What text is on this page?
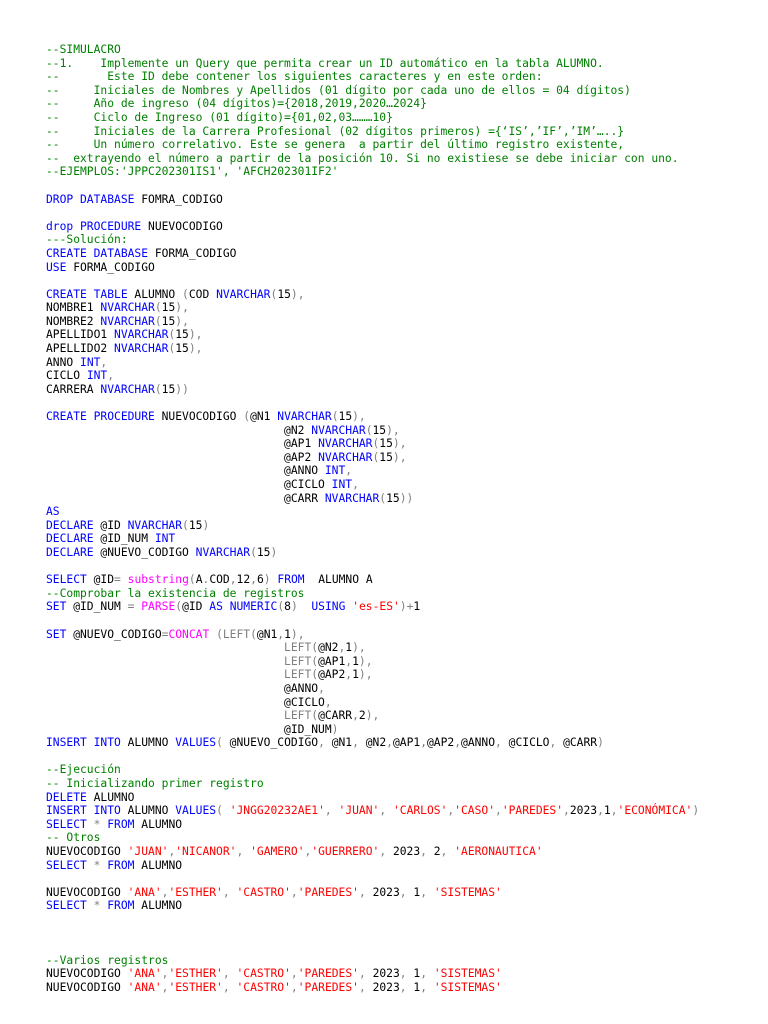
--SIMULACRO
--1.    Implemente un Query que permita crear un ID automático en la tabla ALUMNO.
--       Este ID debe contener los siguientes caracteres y en este orden:
--     Iniciales de Nombres y Apellidos (01 dígito por cada uno de ellos = 04 dígitos)
--     Año de ingreso (04 dígitos)={2018,2019,2020…2024}
--     Ciclo de Ingreso (01 dígito)={01,02,03………10}
--     Iniciales de la Carrera Profesional (02 dígitos primeros) ={‘IS’,’IF’,’IM’…..}
--     Un número correlativo. Este se genera  a partir del último registro existente,
--  extrayendo el número a partir de la posición 10. Si no existiese se debe iniciar con uno.
--EJEMPLOS:'JPPC202301IS1', 'AFCH202301IF2'
DROP DATABASE FOMRA_CODIGO
drop PROCEDURE NUEVOCODIGO
---Solución:
CREATE DATABASE FORMA_CODIGO
USE FORMA_CODIGO
CREATE TABLE ALUMNO (COD NVARCHAR(15),
NOMBRE1 NVARCHAR(15),
NOMBRE2 NVARCHAR(15),
APELLIDO1 NVARCHAR(15),
APELLIDO2 NVARCHAR(15),
ANNO INT,
CICLO INT,
CARRERA NVARCHAR(15))
CREATE PROCEDURE NUEVOCODIGO (@N1 NVARCHAR(15),
@N2 NVARCHAR(15),
@AP1 NVARCHAR(15),
@AP2 NVARCHAR(15),
@ANNO INT,
@CICLO INT,
@CARR NVARCHAR(15))
AS
DECLARE @ID NVARCHAR(15)
DECLARE @ID_NUM INT
DECLARE @NUEVO_CODIGO NVARCHAR(15)
SELECT @ID= substring(A.COD,12,6) FROM  ALUMNO A
--Comprobar la existencia de registros
SET @ID_NUM = PARSE(@ID AS NUMERIC(8) USING 'es-ES')+1
SET @NUEVO_CODIGO=CONCAT (LEFT(@N1,1),
LEFT(@N2,1),
LEFT(@AP1,1),
LEFT(@AP2,1),
@ANNO,
@CICLO,
LEFT(@CARR,2),
@ID_NUM)
INSERT INTO ALUMNO VALUES( @NUEVO_CODIGO, @N1, @N2,@AP1,@AP2,@ANNO, @CICLO, @CARR)
--Ejecución
-- Inicializando primer registro
DELETE ALUMNO
INSERT INTO ALUMNO VALUES( 'JNGG20232AE1', 'JUAN', 'CARLOS','CASO','PAREDES',2023,1,'ECONÓMICA')
SELECT * FROM ALUMNO
-- Otros
NUEVOCODIGO 'JUAN','NICANOR', 'GAMERO','GUERRERO', 2023, 2, 'AERONAUTICA'
SELECT * FROM ALUMNO
NUEVOCODIGO 'ANA','ESTHER', 'CASTRO','PAREDES', 2023, 1, 'SISTEMAS'
SELECT * FROM ALUMNO
--Varios registros
NUEVOCODIGO 'ANA','ESTHER', 'CASTRO','PAREDES', 2023, 1, 'SISTEMAS'
NUEVOCODIGO 'ANA','ESTHER', 'CASTRO','PAREDES', 2023, 1, 'SISTEMAS'
